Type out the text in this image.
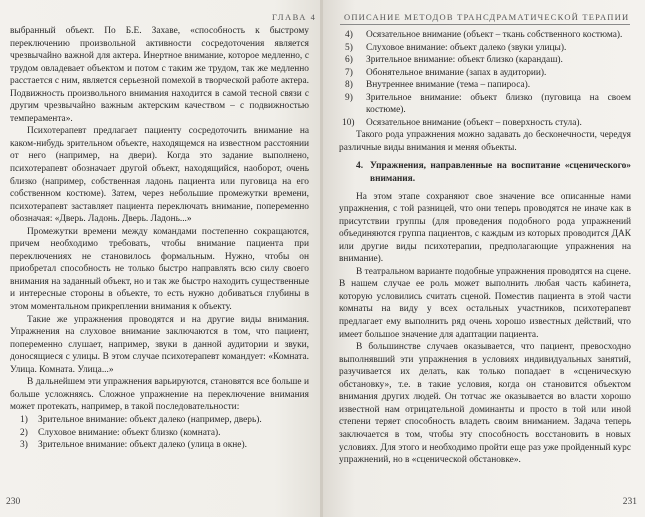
ГЛАВА 4

выбранный объект. По Б.Е. Захаве, «способность к быстрому переключению произвольной активности сосредоточения является чрезвычайно важной для актера. Инертное внимание, которое медленно, с трудом овладевает объектом и потом с таким же трудом, так же медленно расстается с ним, является серьезной помехой в творческой работе актера. Подвижность произвольного внимания находится в самой тесной связи с другим чрезвычайно важным актерским качеством – с подвижностью темперамента».

Психотерапевт предлагает пациенту сосредоточить внимание на каком-нибудь зрительном объекте, находящемся на известном расстоянии от него (например, на двери). Когда это задание выполнено, психотерапевт обозначает другой объект, находящийся, наоборот, очень близко (например, собственная ладонь пациента или пуговица на его собственном костюме). Затем, через небольшие промежутки времени, психотерапевт заставляет пациента переключать внимание, попеременно обозначая: «Дверь. Ладонь. Дверь. Ладонь...»

Промежутки времени между командами постепенно сокращаются, причем необходимо требовать, чтобы внимание пациента при переключениях не становилось формальным. Нужно, чтобы он приобретал способность не только быстро направлять всю силу своего внимания на заданный объект, но и так же быстро находить существенные и интересные стороны в объекте, то есть нужно добиваться глубины в этом моментальном прикреплении внимания к объекту.

Такие же упражнения проводятся и на другие виды внимания. Упражнения на слуховое внимание заключаются в том, что пациент, попеременно слушает, например, звуки в данной аудитории и звуки, доносящиеся с улицы. В этом случае психотерапевт командует: «Комната. Улица. Комната. Улица...»

В дальнейшем эти упражнения варьируются, становятся все больше и больше усложняясь. Сложное упражнение на переключение внимания может протекать, например, в такой последовательности:

1) Зрительное внимание: объект далеко (например, дверь).
2) Слуховое внимание: объект близко (комната).
3) Зрительное внимание: объект далеко (улица в окне).
230
ОПИСАНИЕ МЕТОДОВ ТРАНСДРАМАТИЧЕСКОЙ ТЕРАПИИ
4) Осязательное внимание (объект – ткань собственного костюма).
5) Слуховое внимание: объект далеко (звуки улицы).
6) Зрительное внимание: объект близко (карандаш).
7) Обонятельное внимание (запах в аудитории).
8) Внутреннее внимание (тема – папироса).
9) Зрительное внимание: объект близко (пуговица на своем костюме).
10) Осязательное внимание (объект – поверхность стула).

Такого рода упражнения можно задавать до бесконечности, чередуя различные виды внимания и меняя объекты.

4. Упражнения, направленные на воспитание «сценического» внимания.

На этом этапе сохраняют свое значение все описанные нами упражнения, с той разницей, что они теперь проводятся не иначе как в присутствии группы (для проведения подобного рода упражнений объединяются группа пациентов, с каждым из которых проводится ДАК или другие виды психотерапии, предполагающие упражнения на внимание).

В театральном варианте подобные упражнения проводятся на сцене. В нашем случае ее роль может выполнить любая часть кабинета, которую условились считать сценой. Поместив пациента в этой части комнаты на виду у всех остальных участников, психотерапевт предлагает ему выполнить ряд очень хорошо известных действий, что имеет большое значение для адаптации пациента.

В большинстве случаев оказывается, что пациент, превосходно выполнявший эти упражнения в условиях индивидуальных занятий, разучивается их делать, как только попадает в «сценическую обстановку», т.е. в такие условия, когда он становится объектом внимания других людей. Он тотчас же оказывается во власти хорошо известной нам отрицательной доминанты и просто в той или иной степени теряет способность владеть своим вниманием. Задача теперь заключается в том, чтобы эту способность восстановить в новых условиях. Для этого и необходимо пройти еще раз уже пройденный курс упражнений, но в «сценической обстановке».

231
